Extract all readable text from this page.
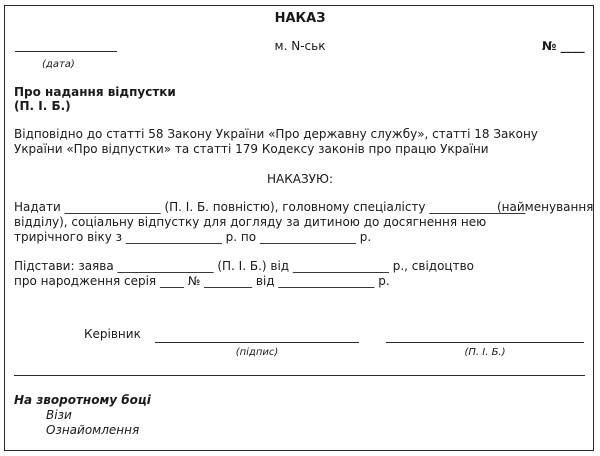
НАКАЗ
(дата)
м. N-ськ	№ ____
Про надання відпустки
(П. І. Б.)
Відповідно до статті 58 Закону України «Про державну службу», статті 18 Закону
України «Про відпустки» та статті 179 Кодексу законів про працю України
НАКАЗУЮ:
Надати ________________ (П. І. Б. повністю), головному спеціалісту ________________
(найменування
відділу), соціальну відпустку для догляду за дитиною до досягнення нею
трирічного віку з ________________ р. по ________________ р.
Підстави: заява ________________ (П. І. Б.) від ________________ р., свідоцтво
про народження серія ____ № ________ від ________________ р.
Керівник
(підпис)	(П. І. Б.)
На зворотному боці
Візи
Ознайомлення
